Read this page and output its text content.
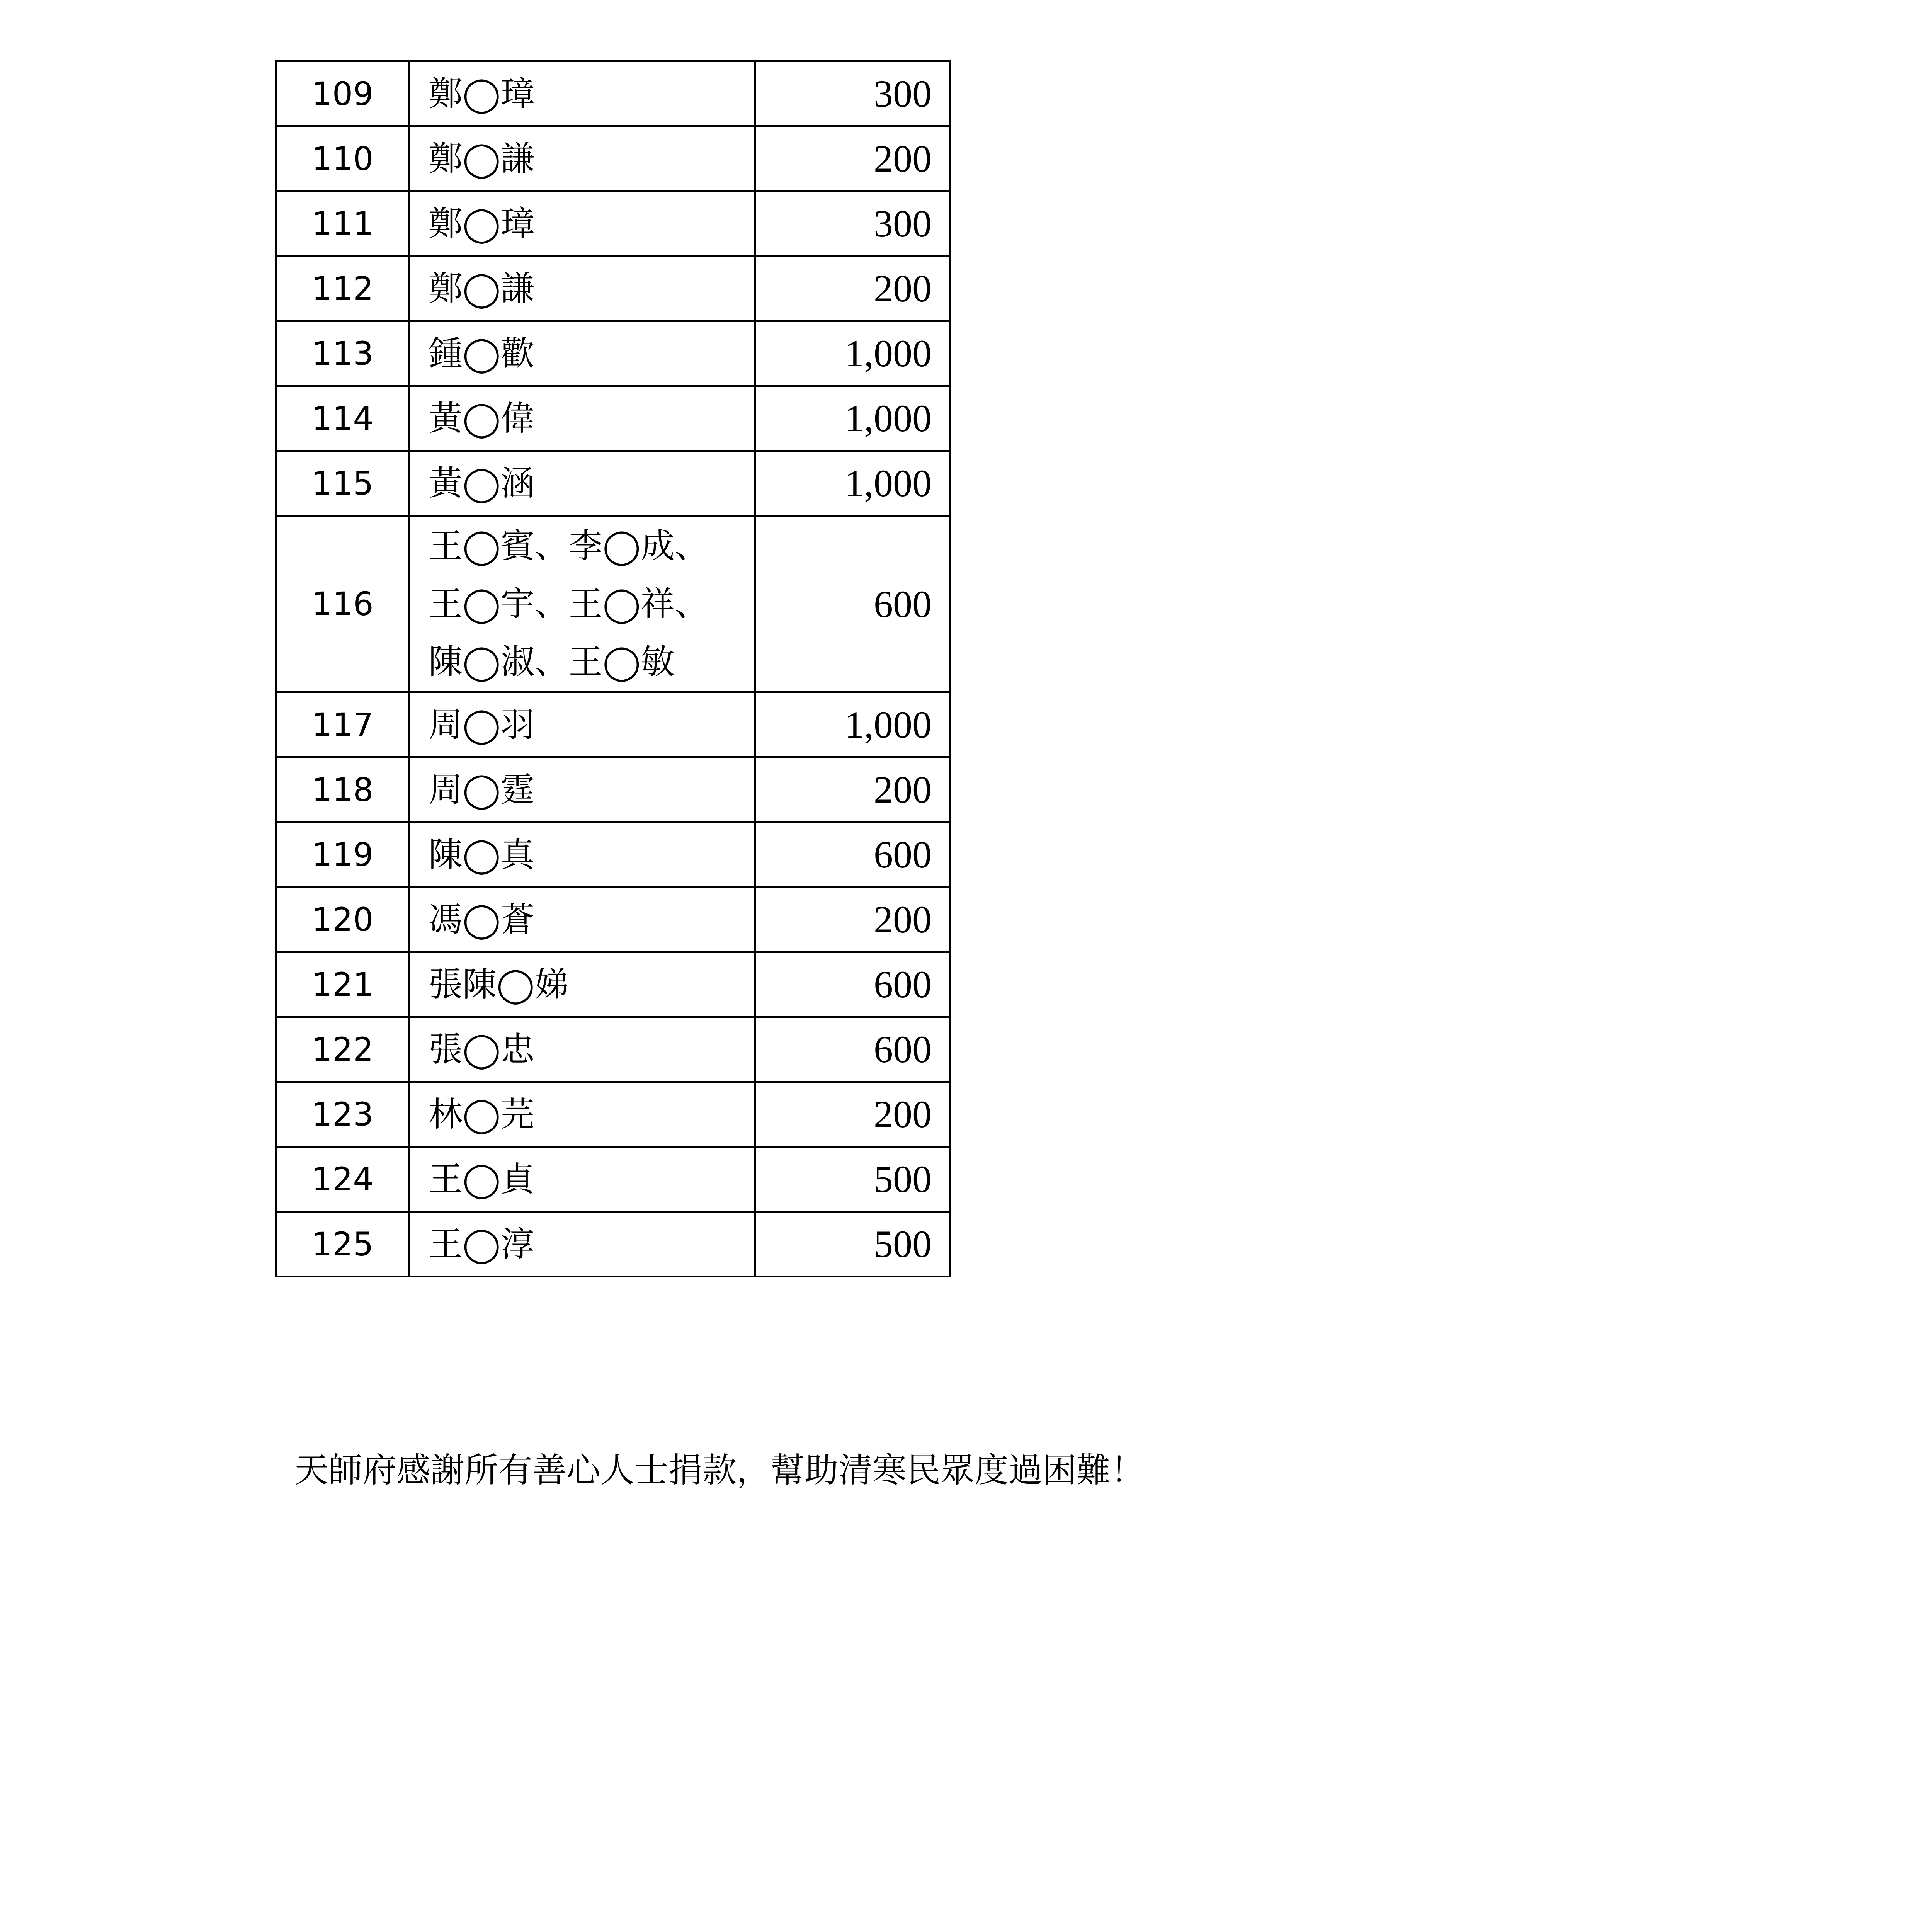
109	鄭◯璋	300
110	鄭◯謙	200
111	鄭◯璋	300
112	鄭◯謙	200
113	鍾◯歡	1,000
114	黃◯偉	1,000
115	黃◯涵	1,000
116	王◯賓、李◯成、
王◯宇、王◯祥、
陳◯淑、王◯敏	600
117	周◯羽	1,000
118	周◯霆	200
119	陳◯真	600
120	馮◯蒼	200
121	張陳◯娣	600
122	張◯忠	600
123	林◯芫	200
124	王◯貞	500
125	王◯淳	500
天師府感謝所有善心人士捐款，幫助清寒民眾度過困難！
